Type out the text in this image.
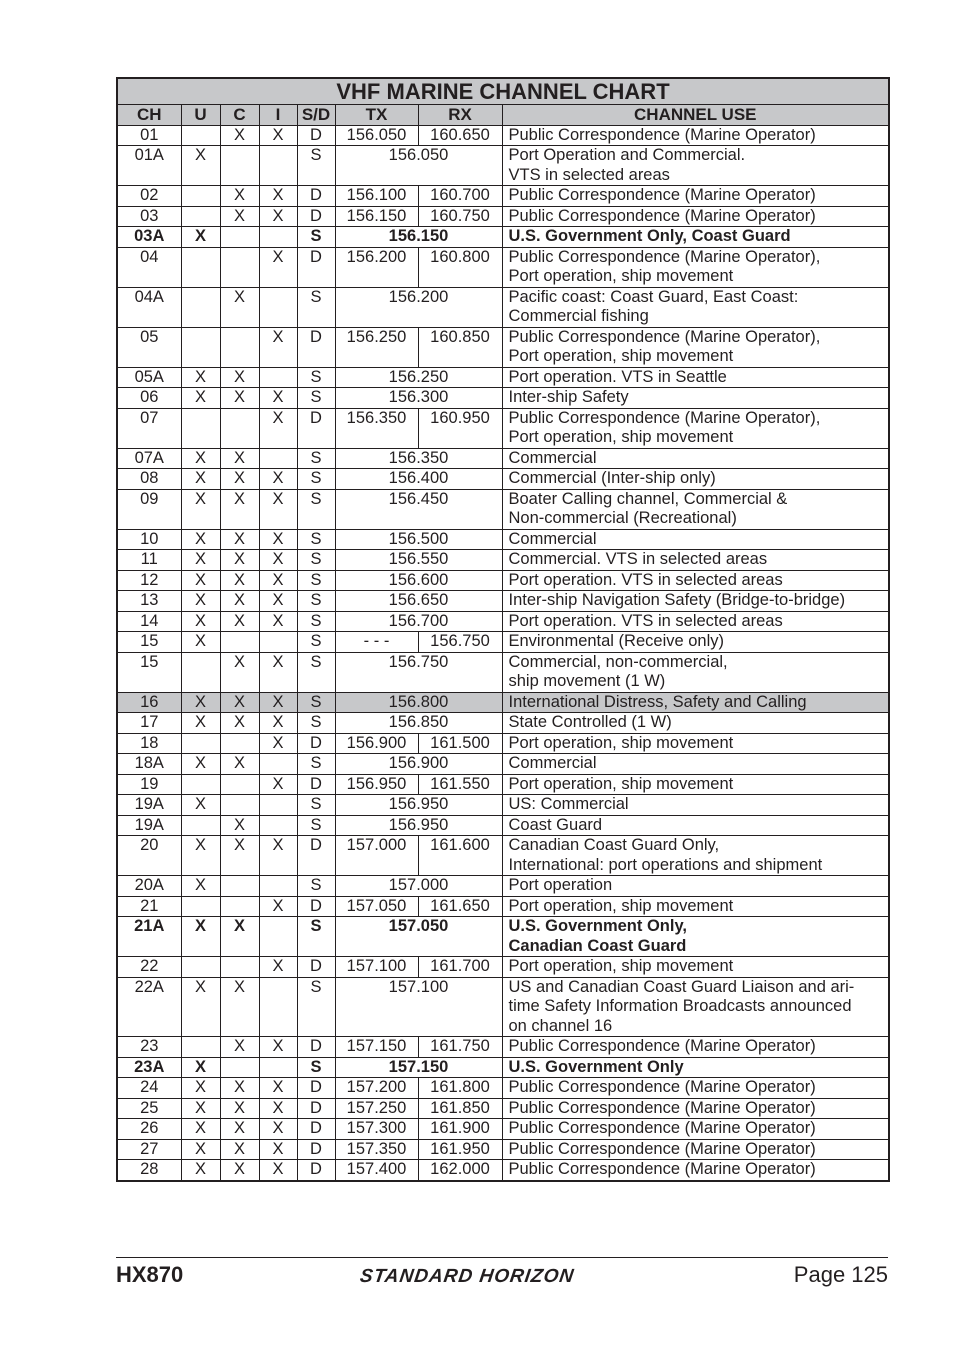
VHF MARINE CHANNEL CHART							
CH	U	C	I	S/D	TX	RX	CHANNEL USE
01		X	X	D	156.050	160.650	Public Correspondence (Marine Operator)

01A	X			S	156.050		Port Operation and Commercial.
VTS in selected areas

02		X	X	D	156.100	160.700	Public Correspondence (Marine Operator)

03		X	X	D	156.150	160.750	Public Correspondence (Marine Operator)

03A	X			S	156.150		U.S. Government Only, Coast Guard

04			X	D	156.200	160.800	Public Correspondence (Marine Operator),
Port operation, ship movement

04A		X		S	156.200		Pacific coast: Coast Guard, East Coast:
Commercial fishing

05			X	D	156.250	160.850	Public Correspondence (Marine Operator),
Port operation, ship movement

05A	X	X		S	156.250		Port operation. VTS in Seattle

06	X	X	X	S	156.300		Inter-ship Safety

07			X	D	156.350	160.950	Public Correspondence (Marine Operator),
Port operation, ship movement

07A	X	X		S	156.350		Commercial

08	X	X	X	S	156.400		Commercial (Inter-ship only)

09	X	X	X	S	156.450		Boater Calling channel, Commercial &
Non-commercial (Recreational)

10	X	X	X	S	156.500		Commercial

11	X	X	X	S	156.550		Commercial. VTS in selected areas

12	X	X	X	S	156.600		Port operation. VTS in selected areas

13	X	X	X	S	156.650		Inter-ship Navigation Safety (Bridge-to-bridge)

14	X	X	X	S	156.700		Port operation. VTS in selected areas

15	X			S	- - -	156.750	Environmental (Receive only)

15		X	X	S	156.750		Commercial, non-commercial,
ship movement (1 W)

16	X	X	X	S	156.800		International Distress, Safety and Calling

17	X	X	X	S	156.850		State Controlled (1 W)

18			X	D	156.900	161.500	Port operation, ship movement

18A	X	X		S	156.900		Commercial

19			X	D	156.950	161.550	Port operation, ship movement

19A	X			S	156.950		US: Commercial

19A		X		S	156.950		Coast Guard

20	X	X	X	D	157.000	161.600	Canadian Coast Guard Only,
International: port operations and shipment

20A	X			S	157.000		Port operation

21			X	D	157.050	161.650	Port operation, ship movement

21A	X	X		S	157.050		U.S. Government Only,
Canadian Coast Guard

22			X	D	157.100	161.700	Port operation, ship movement

22A	X	X		S	157.100		US and Canadian Coast Guard Liaison and ari-
time Safety Information Broadcasts announced
on channel 16

23		X	X	D	157.150	161.750	Public Correspondence (Marine Operator)

23A	X			S	157.150		U.S. Government Only

24	X	X	X	D	157.200	161.800	Public Correspondence (Marine Operator)

25	X	X	X	D	157.250	161.850	Public Correspondence (Marine Operator)

26	X	X	X	D	157.300	161.900	Public Correspondence (Marine Operator)

27	X	X	X	D	157.350	161.950	Public Correspondence (Marine Operator)

28	X	X	X	D	157.400	162.000	Public Correspondence (Marine Operator)
HX870	STANDARD HORIZON	Page 125
